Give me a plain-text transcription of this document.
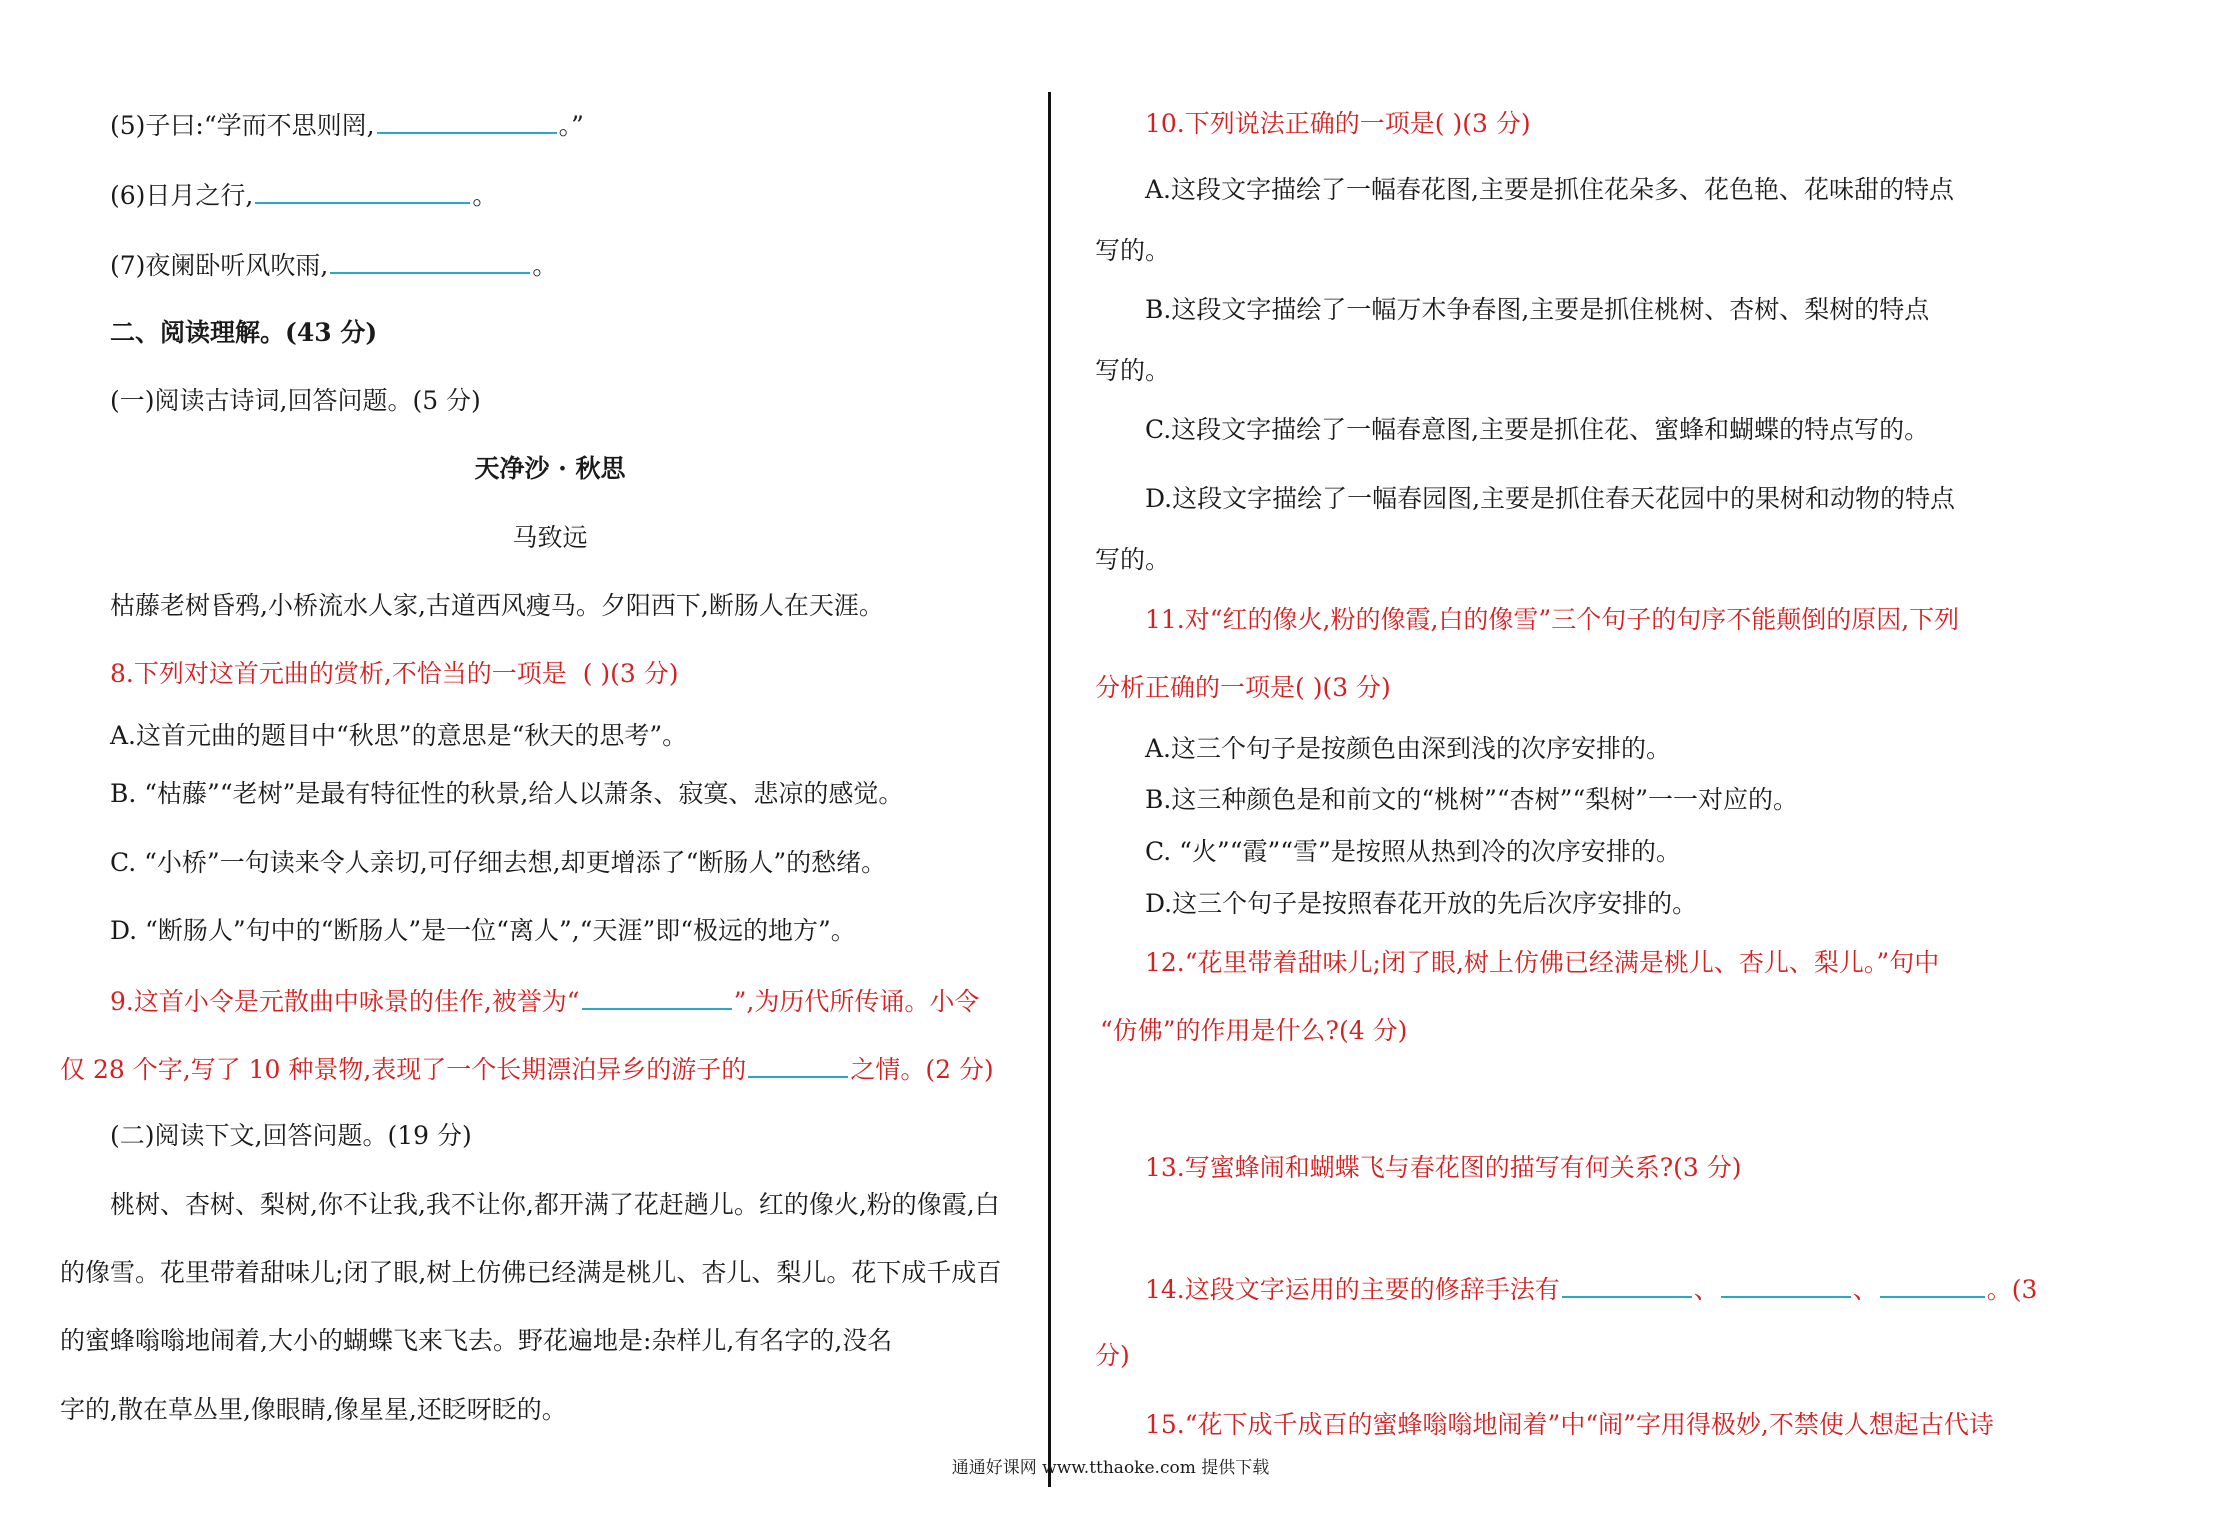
(5)子曰:“学而不思则罔,	。”
(6)日月之行,	。
(7)夜阑卧听风吹雨,	。
二、阅读理解。(43 分)
(一)阅读古诗词,回答问题。(5 分)
天净沙 · 秋思
马致远
枯藤老树昏鸦,小桥流水人家,古道西风瘦马。夕阳西下,断肠人在天涯。
8.下列对这首元曲的赏析,不恰当的一项是 ( )(3 分)
A.这首元曲的题目中“秋思”的意思是“秋天的思考”。
B. “枯藤”“老树”是最有特征性的秋景,给人以萧条、寂寞、悲凉的感觉。
C. “小桥”一句读来令人亲切,可仔细去想,却更增添了“断肠人”的愁绪。
D. “断肠人”句中的“断肠人”是一位“离人”,“天涯”即“极远的地方”。
9.这首小令是元散曲中咏景的佳作,被誉为“	”,为历代所传诵。小令
仅 28 个字,写了 10 种景物,表现了一个长期漂泊异乡的游子的	之情。(2 分)
(二)阅读下文,回答问题。(19 分)
桃树、杏树、梨树,你不让我,我不让你,都开满了花赶趟儿。红的像火,粉的像霞,白
的像雪。花里带着甜味儿;闭了眼,树上仿佛已经满是桃儿、杏儿、梨儿。花下成千成百
的蜜蜂嗡嗡地闹着,大小的蝴蝶飞来飞去。野花遍地是:杂样儿,有名字的,没名
字的,散在草丛里,像眼睛,像星星,还眨呀眨的。
10.下列说法正确的一项是( )(3 分)
A.这段文字描绘了一幅春花图,主要是抓住花朵多、花色艳、花味甜的特点
写的。
B.这段文字描绘了一幅万木争春图,主要是抓住桃树、杏树、梨树的特点
写的。
C.这段文字描绘了一幅春意图,主要是抓住花、蜜蜂和蝴蝶的特点写的。
D.这段文字描绘了一幅春园图,主要是抓住春天花园中的果树和动物的特点
写的。
11.对“红的像火,粉的像霞,白的像雪”三个句子的句序不能颠倒的原因,下列
分析正确的一项是( )(3 分)
A.这三个句子是按颜色由深到浅的次序安排的。
B.这三种颜色是和前文的“桃树”“杏树”“梨树”一一对应的。
C. “火”“霞”“雪”是按照从热到冷的次序安排的。
D.这三个句子是按照春花开放的先后次序安排的。
12.“花里带着甜味儿;闭了眼,树上仿佛已经满是桃儿、杏儿、梨儿。”句中
“仿佛”的作用是什么?(4 分)
13.写蜜蜂闹和蝴蝶飞与春花图的描写有何关系?(3 分)
14.这段文字运用的主要的修辞手法有	、	、	。(3
分)
15.“花下成千成百的蜜蜂嗡嗡地闹着”中“闹”字用得极妙,不禁使人想起古代诗
通通好课网 www.tthaoke.com 提供下载
